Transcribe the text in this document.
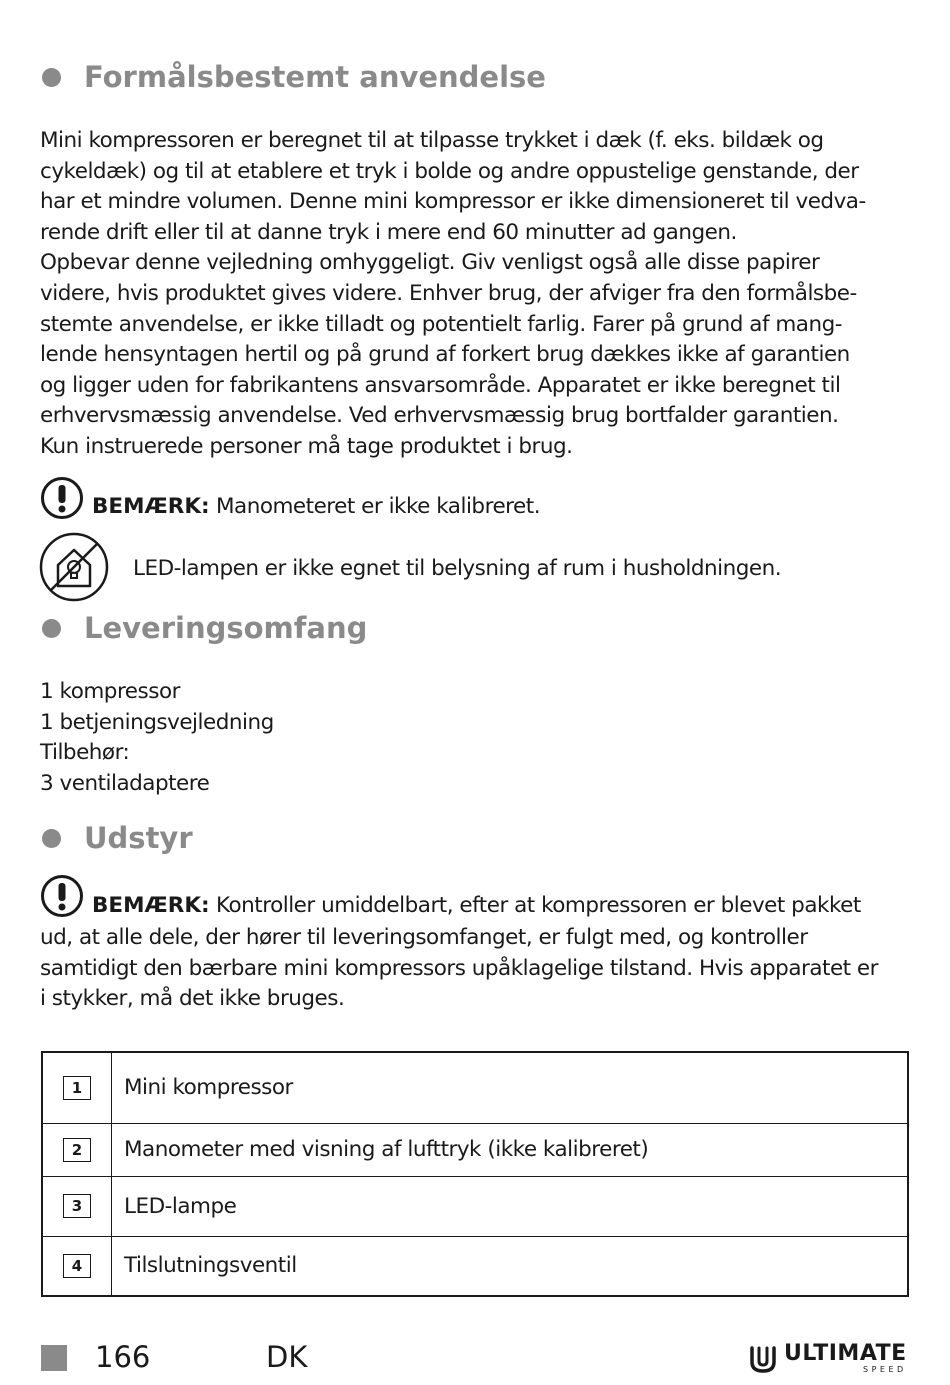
Formålsbestemt anvendelse

Mini kompressoren er beregnet til at tilpasse trykket i dæk (f. eks. bildæk og
cykeldæk) og til at etablere et tryk i bolde og andre oppustelige genstande, der
har et mindre volumen. Denne mini kompressor er ikke dimensioneret til vedva-
rende drift eller til at danne tryk i mere end 60 minutter ad gangen.
Opbevar denne vejledning omhyggeligt. Giv venligst også alle disse papirer
videre, hvis produktet gives videre. Enhver brug, der afviger fra den formålsbe-
stemte anvendelse, er ikke tilladt og potentielt farlig. Farer på grund af mang-
lende hensyntagen hertil og på grund af forkert brug dækkes ikke af garantien
og ligger uden for fabrikantens ansvarsområde. Apparatet er ikke beregnet til
erhvervsmæssig anvendelse. Ved erhvervsmæssig brug bortfalder garantien.
Kun instruerede personer må tage produktet i brug.

BEMÆRK: Manometeret er ikke kalibreret.
LED-lampen er ikke egnet til belysning af rum i husholdningen.
Leveringsomfang

1 kompressor
1 betjeningsvejledning
Tilbehør:
3 ventiladaptere

Udstyr
BEMÆRK: Kontroller umiddelbart, efter at kompressoren er blevet pakket

ud, at alle dele, der hører til leveringsomfanget, er fulgt med, og kontroller
samtidigt den bærbare mini kompressors upåklagelige tilstand. Hvis apparatet er
i stykker, må det ikke bruges.

1	Mini kompressor
2	Manometer med visning af lufttryk (ikke kalibreret)
3	LED-lampe
4	Tilslutningsventil
166	DK	ULTIMATE
SPEED
